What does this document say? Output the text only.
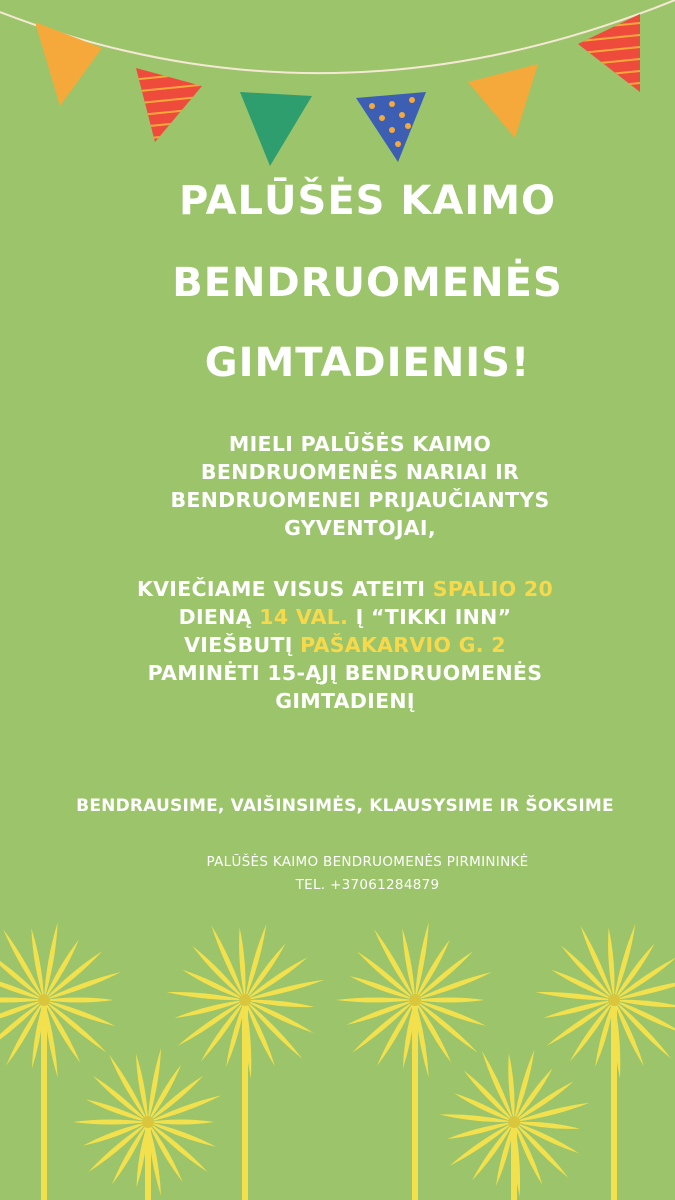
PALŪŠĖS KAIMO
BENDRUOMENĖS
GIMTADIENIS!
MIELI PALŪŠĖS KAIMO
BENDRUOMENĖS NARIAI IR
BENDRUOMENEI PRIJAUČIANTYS
GYVENTOJAI,
KVIEČIAME VISUS ATEITI SPALIO 20
DIENĄ 14 VAL. Į “TIKKI INN”
VIEŠBUTĮ PAŠAKARVIO G. 2
PAMINĖTI 15-ĄJĮ BENDRUOMENĖS
GIMTADIENĮ
BENDRAUSIME, VAIŠINSIMĖS, KLAUSYSIME IR ŠOKSIME
PALŪŠĖS KAIMO BENDRUOMENĖS PIRMININKĖ
TEL. +37061284879
